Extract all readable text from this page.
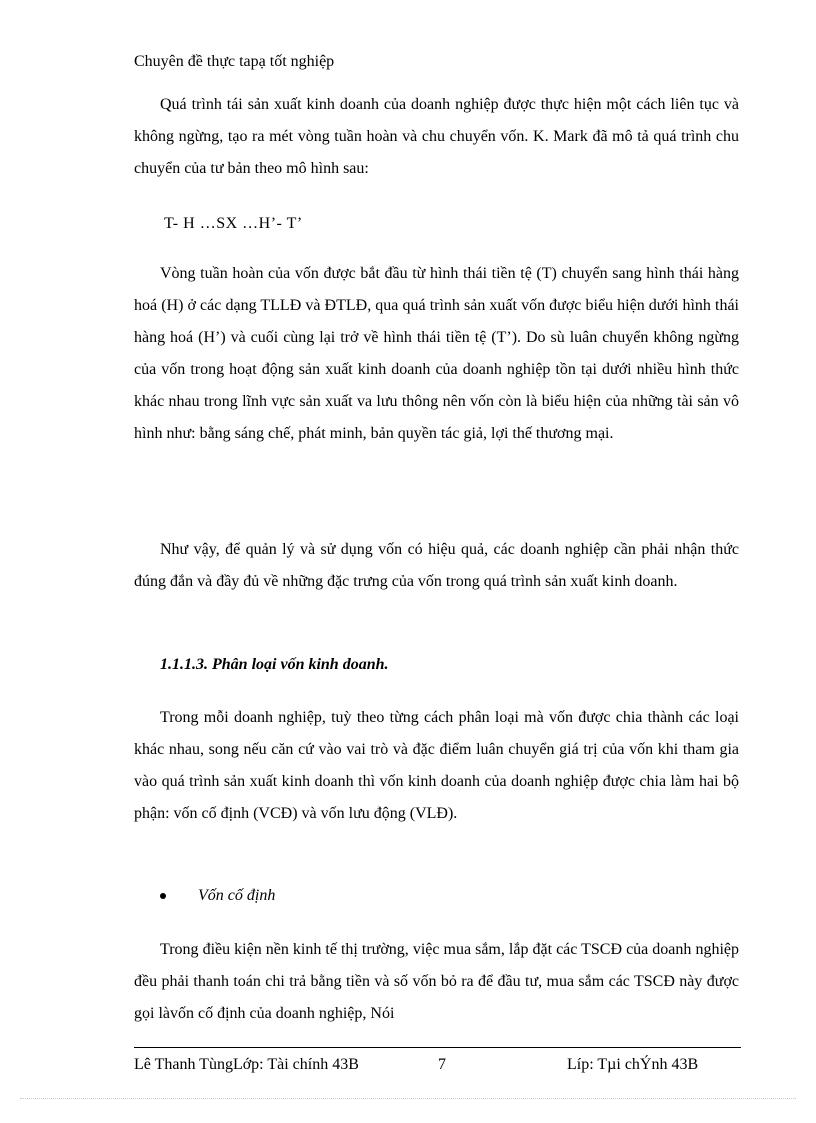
Chuyên đề thực tapạ tốt nghiệp

Quá trình tái sản xuất kinh doanh của doanh nghiệp được thực hiện một cách liên tục và không ngừng, tạo ra mét vòng tuần hoàn và chu chuyển vốn. K. Mark đã mô tả quá trình chu chuyển của tư bản theo mô hình sau:

T- H …SX …H’- T’

Vòng tuần hoàn của vốn được bắt đầu từ hình thái tiền tệ (T) chuyển sang hình thái hàng hoá (H) ở các dạng TLLĐ và ĐTLĐ, qua quá trình sản xuất vốn được biểu hiện dưới hình thái hàng hoá (H’) và cuối cùng lại trở về hình thái tiền tệ (T’). Do sù luân chuyển không ngừng của vốn trong hoạt động sản xuất kinh doanh của doanh nghiệp tồn tại dưới nhiều hình thức khác nhau trong lĩnh vực sản xuất va lưu thông nên vốn còn là biểu hiện của những tài sản vô hình như: bằng sáng chế, phát minh, bản quyền tác giả, lợi thế thương mại.

Như vậy, để quản lý và sử dụng vốn có hiệu quả, các doanh nghiệp cần phải nhận thức đúng đắn và đầy đủ về những đặc trưng của vốn trong quá trình sản xuất kinh doanh.

1.1.1.3. Phân loại vốn kinh doanh.

Trong mỗi doanh nghiệp, tuỳ theo từng cách phân loại mà vốn được chia thành các loại khác nhau, song nếu căn cứ vào vai trò và đặc điểm luân chuyển giá trị của vốn khi tham gia vào quá trình sản xuất kinh doanh thì vốn kinh doanh của doanh nghiệp được chia làm hai bộ phận: vốn cố định (VCĐ) và vốn lưu động (VLĐ).

Vốn cố định

Trong điều kiện nền kinh tế thị trường, việc mua sắm, lắp đặt các TSCĐ của doanh nghiệp đều phải thanh toán chi trả bằng tiền và số vốn bỏ ra để đầu tư, mua sắm các TSCĐ này được gọi làvốn cố định của doanh nghiệp, Nói

Lê Thanh TùngLớp: Tài chính 43B	7	Líp: Tµi chÝnh 43B
